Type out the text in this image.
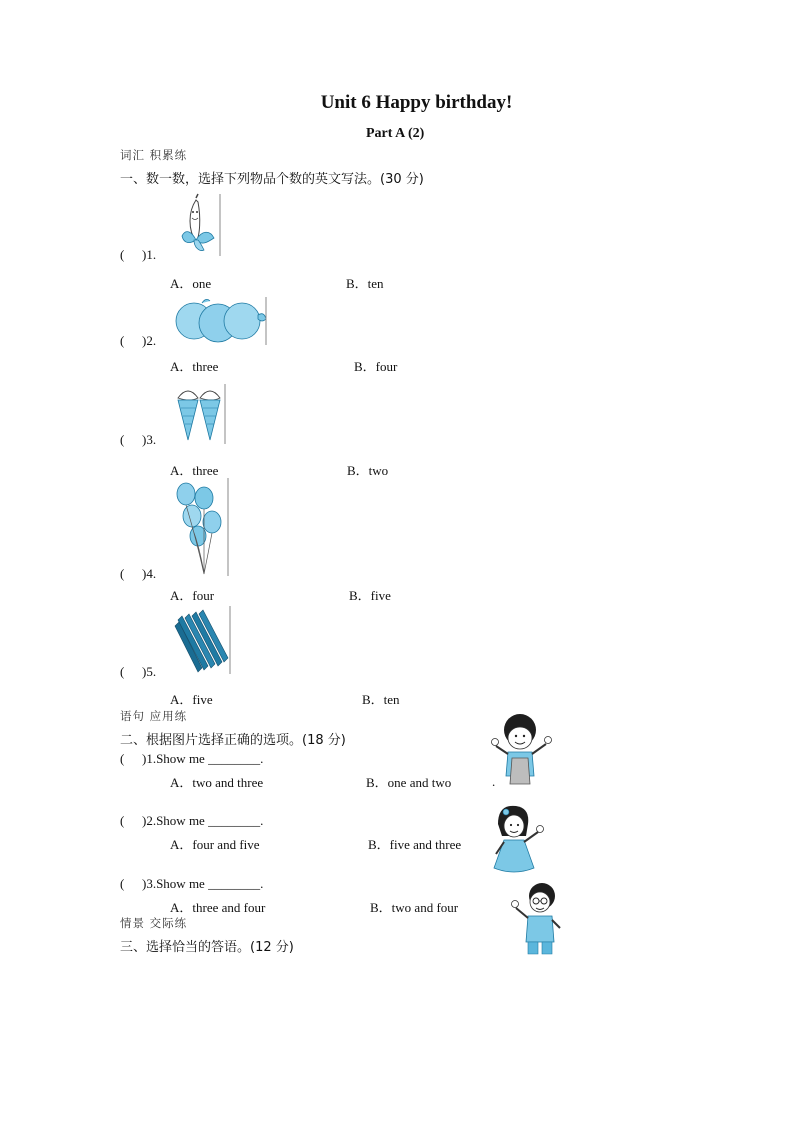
Unit 6 Happy birthday!
Part A (2)
词汇 积累练
一、数一数，选择下列物品个数的英文写法。(30 分)
( )1.
A．one	B．ten
( )2.
A．three	B．four
( )3.
A．three	B．two
( )4.
A．four	B．five
( )5.
A．five	B．ten
语句 应用练
二、根据图片选择正确的选项。(18 分)
( )1.Show me ________.
A．two and three	B．one and two	.
( )2.Show me ________.
A．four and five	B．five and three
( )3.Show me ________.
A．three and four	B．two and four
情景 交际练
三、选择恰当的答语。(12 分)
